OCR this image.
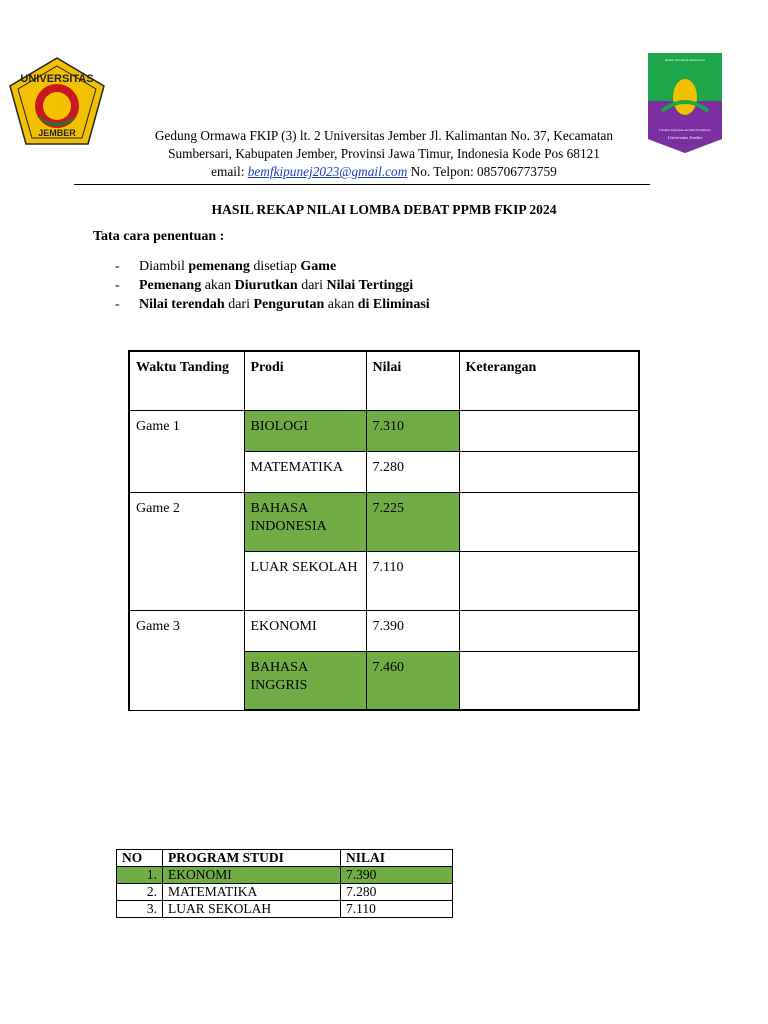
UNIVERSITAS
JEMBER
Badan Eksekutif Mahasiswa
Fakultas Keguruan dan Ilmu Pendidikan
Universitas Jember
Gedung Ormawa FKIP (3) lt. 2 Universitas Jember Jl. Kalimantan No. 37, Kecamatan
Sumbersari, Kabupaten Jember, Provinsi Jawa Timur, Indonesia Kode Pos 68121
email: bemfkipunej2023@gmail.com No. Telpon: 085706773759
HASIL REKAP NILAI LOMBA DEBAT PPMB FKIP 2024
Tata cara penentuan :
-	Diambil pemenang disetiap Game
-	Pemenang akan Diurutkan dari Nilai Tertinggi
-	Nilai terendah dari Pengurutan akan di Eliminasi
Waktu Tanding	Prodi	Nilai	Keterangan
Game 1	BIOLOGI	7.310	
	MATEMATIKA	7.280	
Game 2	BAHASA INDONESIA	7.225	
	LUAR SEKOLAH	7.110	
Game 3	EKONOMI	7.390	
	BAHASA INGGRIS	7.460	
NO	PROGRAM STUDI	NILAI
1.	EKONOMI	7.390
2.	MATEMATIKA	7.280
3.	LUAR SEKOLAH	7.110
